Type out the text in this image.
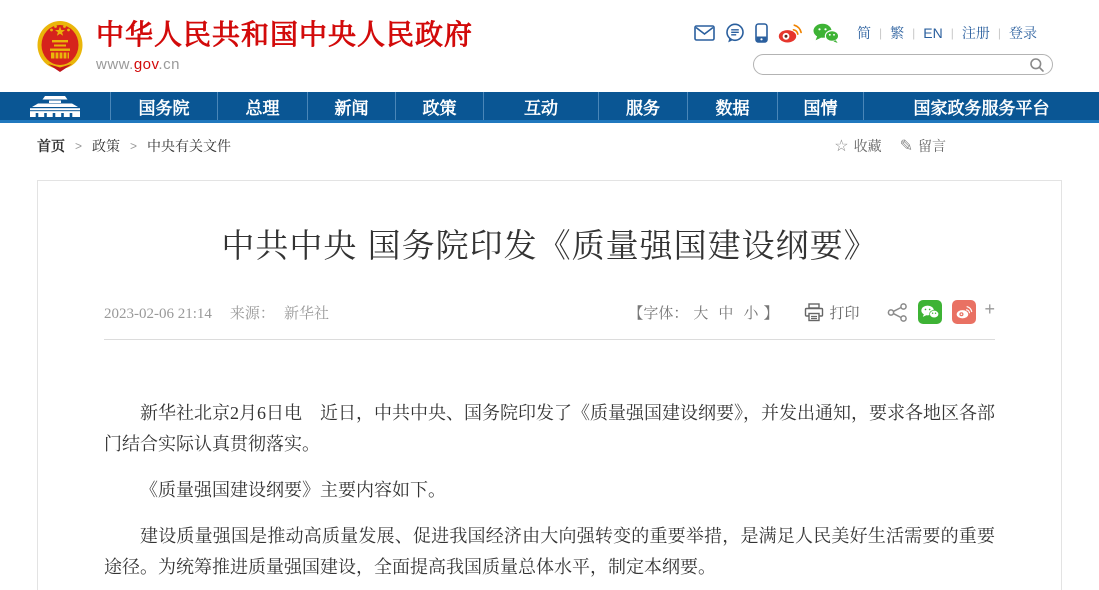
中华人民共和国中央人民政府
www.gov.cn
简 | 繁 | EN | 注册 | 登录
国务院	总理	新闻	政策	互动	服务	数据	国情	国家政务服务平台
首页 > 政策 > 中央有关文件	☆ 收藏 ✎ 留言
中共中央 国务院印发《质量强国建设纲要》
2023-02-06 21:14 来源： 新华社	【字体： 大 中 小 】	打印	+

新华社北京2月6日电　近日，中共中央、国务院印发了《质量强国建设纲要》，并发出通知，要求各地区各部门结合实际认真贯彻落实。

《质量强国建设纲要》主要内容如下。

建设质量强国是推动高质量发展、促进我国经济由大向强转变的重要举措，是满足人民美好生活需要的重要途径。为统筹推进质量强国建设，全面提高我国质量总体水平，制定本纲要。
